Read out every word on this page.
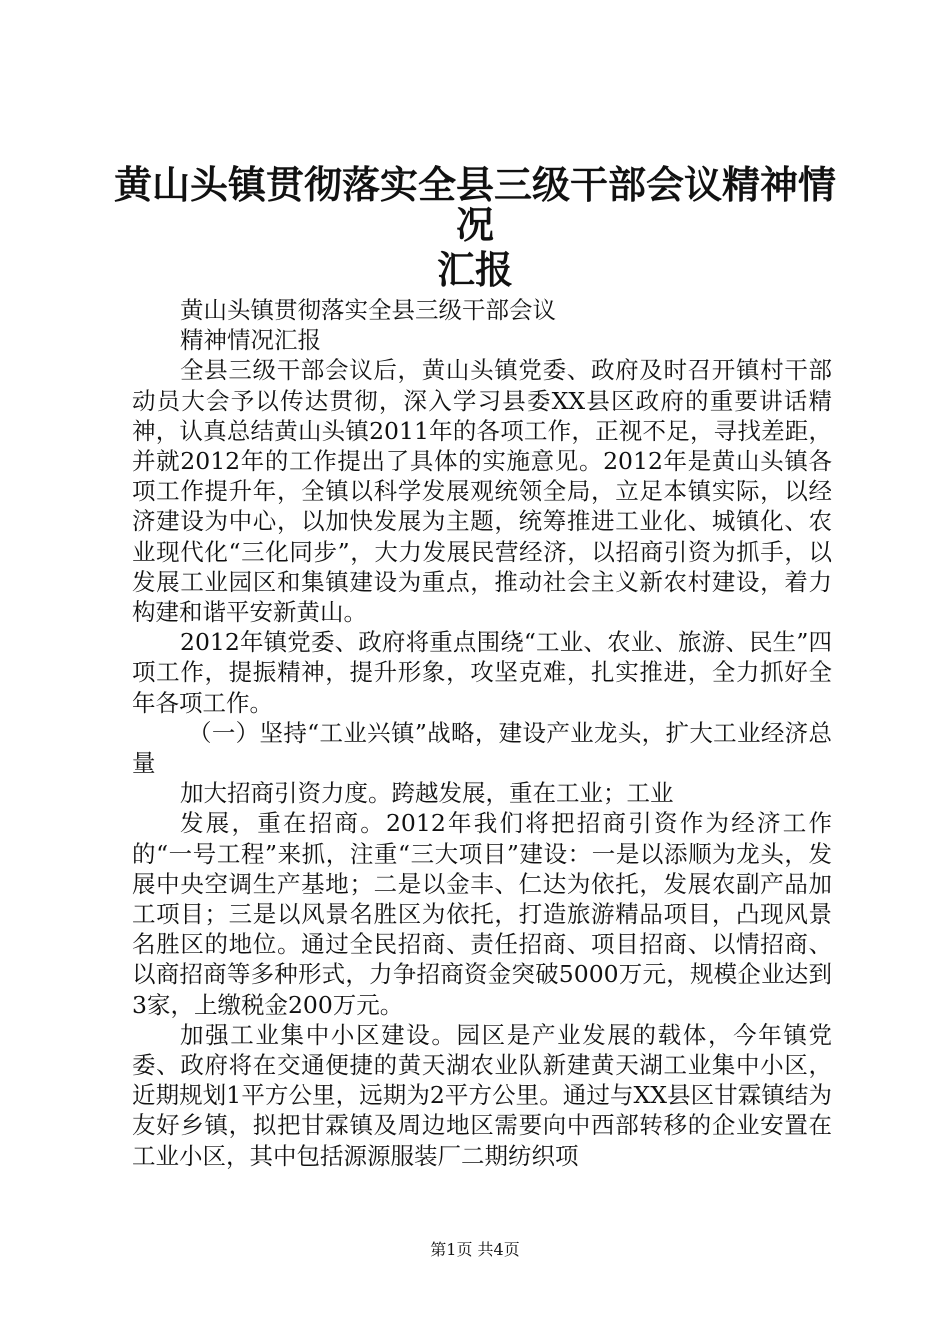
黄山头镇贯彻落实全县三级干部会议精神情况
汇报

黄山头镇贯彻落实全县三级干部会议

精神情况汇报

全县三级干部会议后，黄山头镇党委、政府及时召开镇村干部动员大会予以传达贯彻，深入学习县委XX县区政府的重要讲话精神，认真总结黄山头镇2011年的各项工作，正视不足，寻找差距，并就2012年的工作提出了具体的实施意见。2012年是黄山头镇各项工作提升年，全镇以科学发展观统领全局，立足本镇实际，以经济建设为中心，以加快发展为主题，统筹推进工业化、城镇化、农业现代化“三化同步”，大力发展民营经济，以招商引资为抓手，以发展工业园区和集镇建设为重点，推动社会主义新农村建设，着力构建和谐平安新黄山。

2012年镇党委、政府将重点围绕“工业、农业、旅游、民生”四项工作，提振精神，提升形象，攻坚克难，扎实推进，全力抓好全年各项工作。

（一）坚持“工业兴镇”战略，建设产业龙头，扩大工业经济总量

加大招商引资力度。跨越发展，重在工业；工业

发展，重在招商。2012年我们将把招商引资作为经济工作的“一号工程”来抓，注重“三大项目”建设：一是以添顺为龙头，发展中央空调生产基地；二是以金丰、仁达为依托，发展农副产品加工项目；三是以风景名胜区为依托，打造旅游精品项目，凸现风景名胜区的地位。通过全民招商、责任招商、项目招商、以情招商、以商招商等多种形式，力争招商资金突破5000万元，规模企业达到3家，上缴税金200万元。

加强工业集中小区建设。园区是产业发展的载体，今年镇党委、政府将在交通便捷的黄天湖农业队新建黄天湖工业集中小区，近期规划1平方公里，远期为2平方公里。通过与XX县区甘霖镇结为友好乡镇，拟把甘霖镇及周边地区需要向中西部转移的企业安置在工业小区，其中包括源源服装厂二期纺织项

第1页 共4页
